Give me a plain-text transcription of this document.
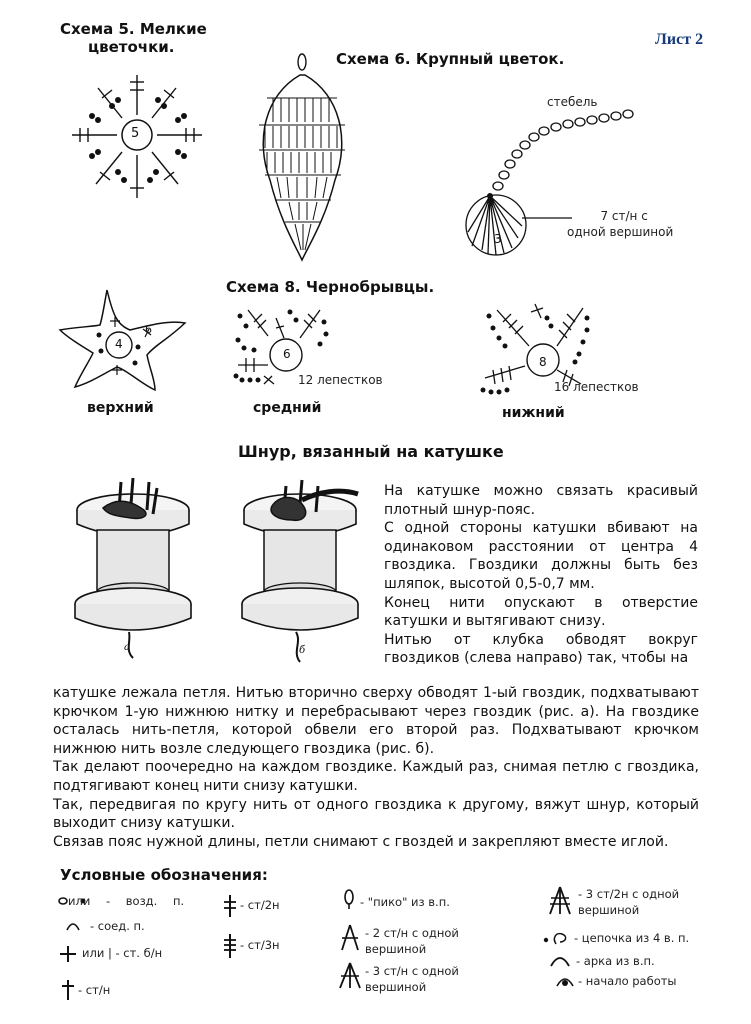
Лист 2
Схема 5. Мелкие
цветочки.
5
Схема 6. Крупный цветок.
стебель
3
7 ст/н с
одной вершиной
Схема 8. Чернобрывцы.
4
6
верхний
6
12 лепестков
средний
8
16 лепестков
нижний
Шнур, вязанный на катушке
а	б

На катушке можно связать красивый плотный шнур-пояс.

С одной стороны катушки вбивают на одинаковом расстоянии от центра 4 гвоздика. Гвоздики должны быть без шляпок, высотой 0,5-0,7 мм.

Конец нити опускают в отверстие катушки и вытягивают снизу.

Нитью от клубка обводят вокруг гвоздиков (слева направо) так, чтобы на

катушке лежала петля. Нитью вторично сверху обводят 1-ый гвоздик, подхватывают крючком 1-ую нижнюю нитку и перебрасывают через гвоздик (рис. а). На гвоздике осталась нить-петля, которой обвели его второй раз. Подхватывают крючком нижнюю нить возле следующего гвоздика (рис. б).

Так делают поочередно на каждом гвоздике. Каждый раз, снимая петлю с гвоздика, подтягивают конец нити снизу катушки.

Так, передвигая по кругу нить от одного гвоздика к другому, вяжут шнур, который выходит снизу катушки.

Связав пояс нужной длины, петли снимают с гвоздей и закрепляют вместе иглой.

Условные обозначения:
или - возд. п.
- соед. п.
или | - ст. б/н
- ст/н
- ст/2н
- ст/3н
- "пико" из в.п.
- 2 ст/н с одной вершиной
- 3 ст/н с одной вершиной
- 3 ст/2н с одной вершиной
- цепочка из 4 в. п.
- арка из в.п.
- начало работы
